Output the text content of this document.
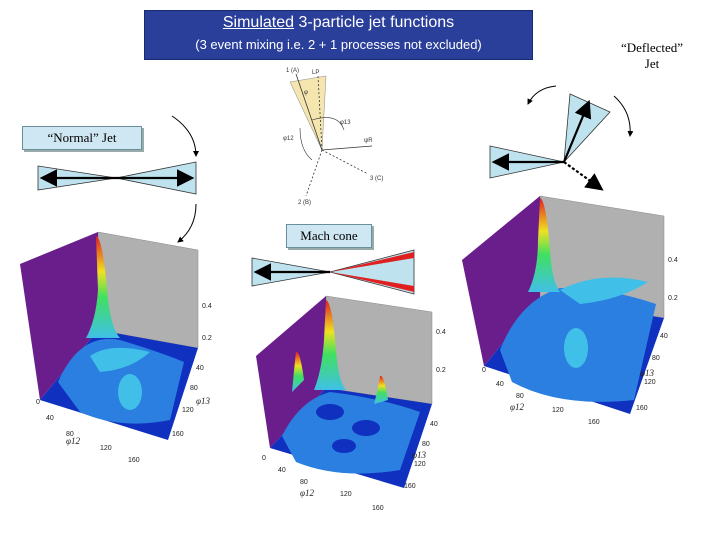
Simulated 3-particle jet functions
(3 event mixing i.e. 2 + 1 processes not excluded)
“Normal” Jet
Mach cone
“Deflected”
Jet
1 (A) LP
φ
φ12
φ13
ψR
3 (C)
2 (B)
0.4
0.2
0
40
80
120
160
40
80
120
160
φ12
φ13
0.4
0.2
0
40
80
120
160
40
80
120
160
φ12
φ13
0.4
0.2
0
40
80
120
160
40
80
120
160
φ12
φ13
